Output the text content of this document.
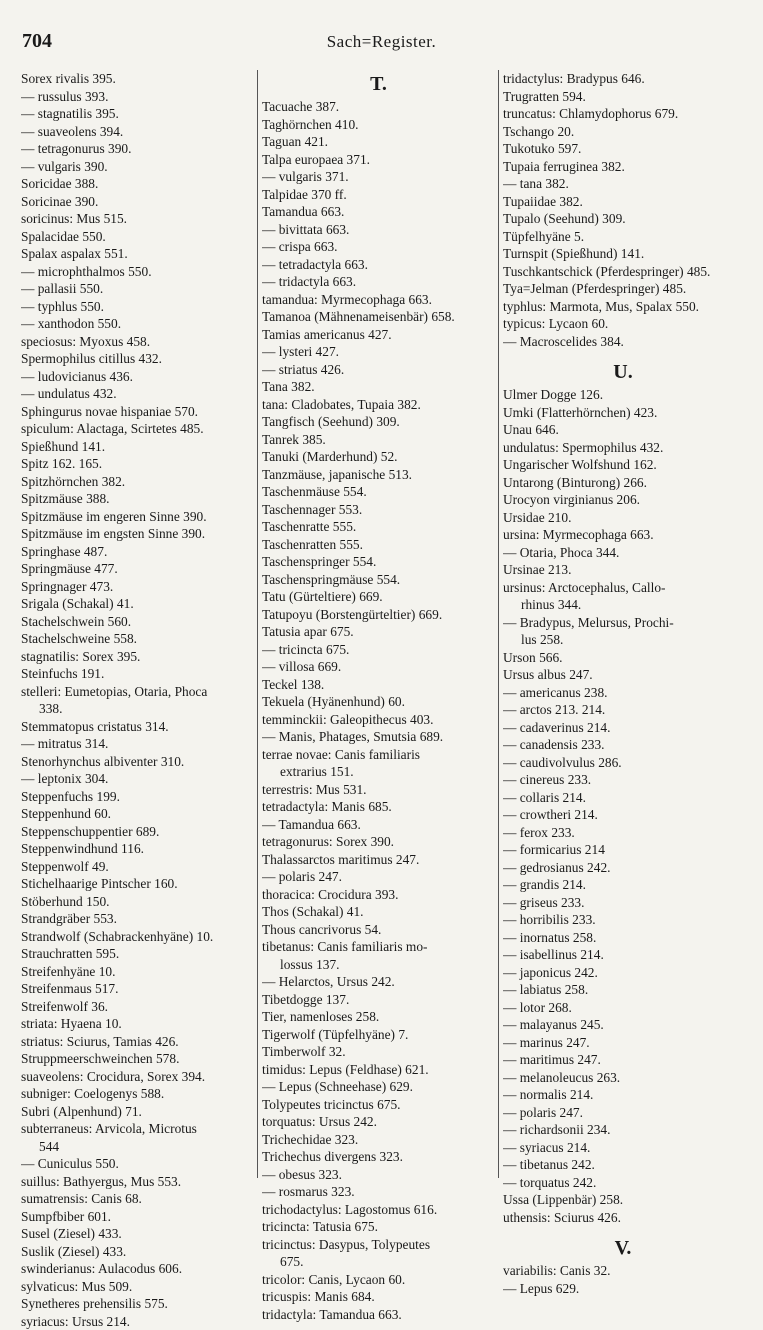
704	Sach=Register.
Sorex rivalis 395.
— russulus 393.
— stagnatilis 395.
— suaveolens 394.
— tetragonurus 390.
— vulgaris 390.
Soricidae 388.
Soricinae 390.
soricinus: Mus 515.
Spalacidae 550.
Spalax aspalax 551.
— microphthalmos 550.
— pallasii 550.
— typhlus 550.
— xanthodon 550.
speciosus: Myoxus 458.
Spermophilus citillus 432.
— ludovicianus 436.
— undulatus 432.
Sphingurus novae hispaniae 570.
spiculum: Alactaga, Scirtetes 485.
Spießhund 141.
Spitz 162. 165.
Spitzhörnchen 382.
Spitzmäuse 388.
Spitzmäuse im engeren Sinne 390.
Spitzmäuse im engsten Sinne 390.
Springhase 487.
Springmäuse 477.
Springnager 473.
Srigala (Schakal) 41.
Stachelschwein 560.
Stachelschweine 558.
stagnatilis: Sorex 395.
Steinfuchs 191.
stelleri: Eumetopias, Otaria, Phoca
338.
Stemmatopus cristatus 314.
— mitratus 314.
Stenorhynchus albiventer 310.
— leptonix 304.
Steppenfuchs 199.
Steppenhund 60.
Steppenschuppentier 689.
Steppenwindhund 116.
Steppenwolf 49.
Stichelhaarige Pintscher 160.
Stöberhund 150.
Strandgräber 553.
Strandwolf (Schabrackenhyäne) 10.
Strauchratten 595.
Streifenhyäne 10.
Streifenmaus 517.
Streifenwolf 36.
striata: Hyaena 10.
striatus: Sciurus, Tamias 426.
Struppmeerschweinchen 578.
suaveolens: Crocidura, Sorex 394.
subniger: Coelogenys 588.
Subri (Alpenhund) 71.
subterraneus: Arvicola, Microtus
544
— Cuniculus 550.
suillus: Bathyergus, Mus 553.
sumatrensis: Canis 68.
Sumpfbiber 601.
Susel (Ziesel) 433.
Suslik (Ziesel) 433.
swinderianus: Aulacodus 606.
sylvaticus: Mus 509.
Synetheres prehensilis 575.
syriacus: Ursus 214.
T.
Tacuache 387.
Taghörnchen 410.
Taguan 421.
Talpa europaea 371.
— vulgaris 371.
Talpidae 370 ff.
Tamandua 663.
— bivittata 663.
— crispa 663.
— tetradactyla 663.
— tridactyla 663.
tamandua: Myrmecophaga 663.
Tamanoa (Mähnenameisenbär) 658.
Tamias americanus 427.
— lysteri 427.
— striatus 426.
Tana 382.
tana: Cladobates, Tupaia 382.
Tangfisch (Seehund) 309.
Tanrek 385.
Tanuki (Marderhund) 52.
Tanzmäuse, japanische 513.
Taschenmäuse 554.
Taschennager 553.
Taschenratte 555.
Taschenratten 555.
Taschenspringer 554.
Taschenspringmäuse 554.
Tatu (Gürteltiere) 669.
Tatupoyu (Borstengürteltier) 669.
Tatusia apar 675.
— tricincta 675.
— villosa 669.
Teckel 138.
Tekuela (Hyänenhund) 60.
temminckii: Galeopithecus 403.
— Manis, Phatages, Smutsia 689.
terrae novae: Canis familiaris
extrarius 151.
terrestris: Mus 531.
tetradactyla: Manis 685.
— Tamandua 663.
tetragonurus: Sorex 390.
Thalassarctos maritimus 247.
— polaris 247.
thoracica: Crocidura 393.
Thos (Schakal) 41.
Thous cancrivorus 54.
tibetanus: Canis familiaris mo-
lossus 137.
— Helarctos, Ursus 242.
Tibetdogge 137.
Tier, namenloses 258.
Tigerwolf (Tüpfelhyäne) 7.
Timberwolf 32.
timidus: Lepus (Feldhase) 621.
— Lepus (Schneehase) 629.
Tolypeutes tricinctus 675.
torquatus: Ursus 242.
Trichechidae 323.
Trichechus divergens 323.
— obesus 323.
— rosmarus 323.
trichodactylus: Lagostomus 616.
tricincta: Tatusia 675.
tricinctus: Dasypus, Tolypeutes
675.
tricolor: Canis, Lycaon 60.
tricuspis: Manis 684.
tridactyla: Tamandua 663.
tridactylus: Bradypus 646.
Trugratten 594.
truncatus: Chlamydophorus 679.
Tschango 20.
Tukotuko 597.
Tupaia ferruginea 382.
— tana 382.
Tupaiidae 382.
Tupalo (Seehund) 309.
Tüpfelhyäne 5.
Turnspit (Spießhund) 141.
Tuschkantschick (Pferdespringer) 485.
Tya=Jelman (Pferdespringer) 485.
typhlus: Marmota, Mus, Spalax 550.
typicus: Lycaon 60.
— Macroscelides 384.
U.
Ulmer Dogge 126.
Umki (Flatterhörnchen) 423.
Unau 646.
undulatus: Spermophilus 432.
Ungarischer Wolfshund 162.
Untarong (Binturong) 266.
Urocyon virginianus 206.
Ursidae 210.
ursina: Myrmecophaga 663.
— Otaria, Phoca 344.
Ursinae 213.
ursinus: Arctocephalus, Callo-
rhinus 344.
— Bradypus, Melursus, Prochi-
lus 258.
Urson 566.
Ursus albus 247.
— americanus 238.
— arctos 213. 214.
— cadaverinus 214.
— canadensis 233.
— caudivolvulus 286.
— cinereus 233.
— collaris 214.
— crowtheri 214.
— ferox 233.
— formicarius 214
— gedrosianus 242.
— grandis 214.
— griseus 233.
— horribilis 233.
— inornatus 258.
— isabellinus 214.
— japonicus 242.
— labiatus 258.
— lotor 268.
— malayanus 245.
— marinus 247.
— maritimus 247.
— melanoleucus 263.
— normalis 214.
— polaris 247.
— richardsonii 234.
— syriacus 214.
— tibetanus 242.
— torquatus 242.
Ussa (Lippenbär) 258.
uthensis: Sciurus 426.
V.
variabilis: Canis 32.
— Lepus 629.
